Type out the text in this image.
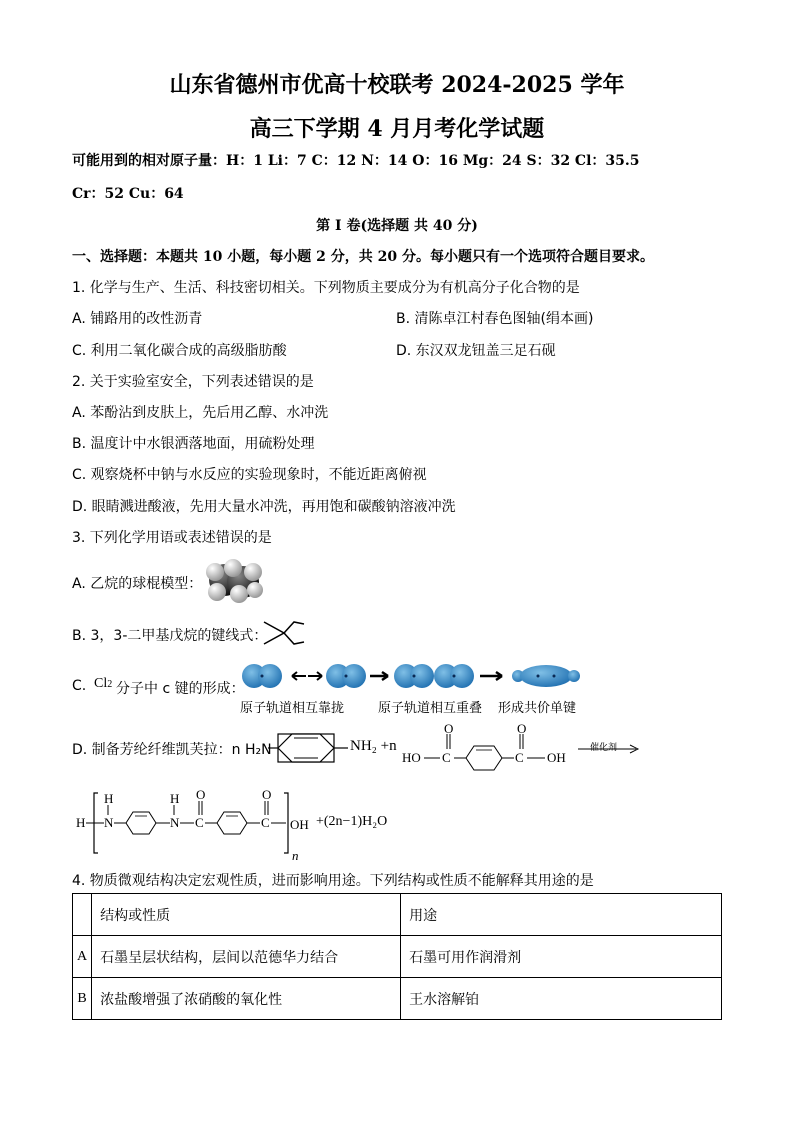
山东省德州市优高十校联考 2024-2025 学年
高三下学期 4 月月考化学试题
可能用到的相对原子量：H：1 Li：7 C：12 N：14 O：16 Mg：24 S：32 Cl：35.5
Cr：52 Cu：64
第 I 卷(选择题 共 40 分)
一、选择题：本题共 10 小题，每小题 2 分，共 20 分。每小题只有一个选项符合题目要求。
1. 化学与生产、生活、科技密切相关。下列物质主要成分为有机高分子化合物的是
A. 铺路用的改性沥青	B. 清陈卓江村春色图轴(绢本画)
C. 利用二氧化碳合成的高级脂肪酸	D. 东汉双龙钮盖三足石砚
2. 关于实验室安全，下列表述错误的是
A. 苯酚沾到皮肤上，先后用乙醇、水冲洗
B. 温度计中水银洒落地面，用硫粉处理
C. 观察烧杯中钠与水反应的实验现象时，不能近距离俯视
D. 眼睛溅进酸液，先用大量水冲洗，再用饱和碳酸钠溶液冲洗
3. 下列化学用语或表述错误的是
A. 乙烷的球棍模型：
B. 3，3-二甲基戊烷的键线式：
C. Cl2 分子中 c 键的形成：
原子轨道相互靠拢	原子轨道相互重叠 形成共价单键
D. 制备芳纶纤维凯芙拉：n H₂N	NH₂ +n
HO C
O
C
O
OH
催化剂
H N
H
N
H
C
O
C
O
OH
n
+(2n−1)H₂O
4. 物质微观结构决定宏观性质，进而影响用途。下列结构或性质不能解释其用途的是
	结构或性质	用途
A	石墨呈层状结构，层间以范德华力结合	石墨可用作润滑剂
B	浓盐酸增强了浓硝酸的氧化性	王水溶解铂
